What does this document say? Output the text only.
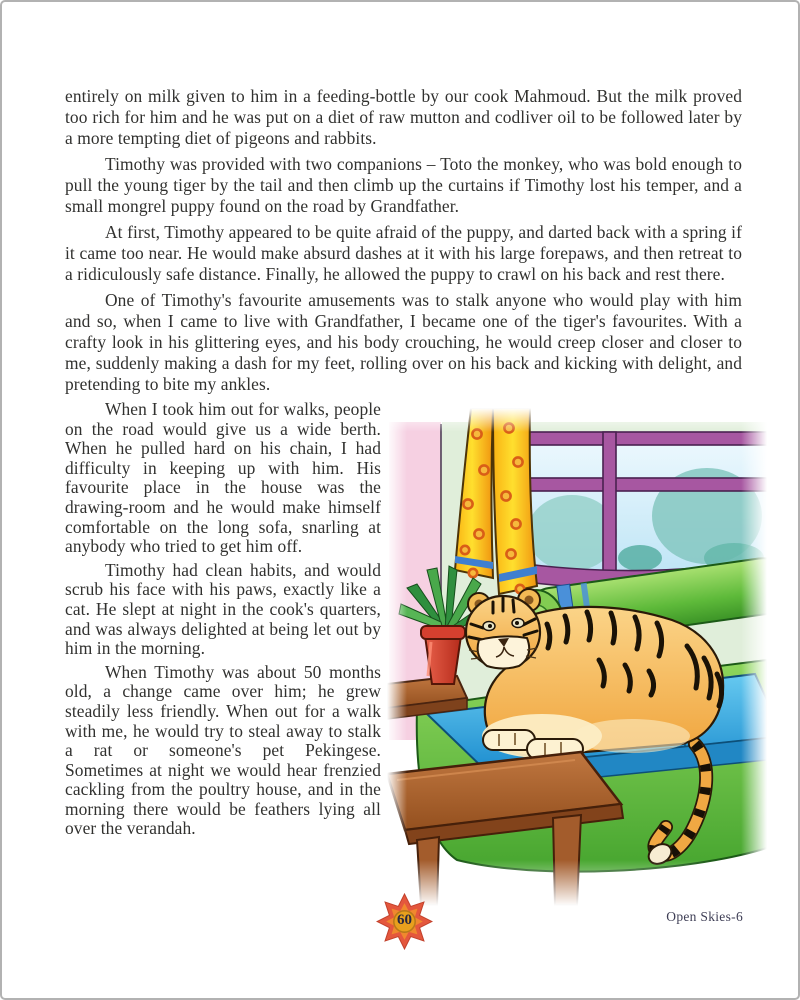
entirely on milk given to him in a feeding-bottle by our cook Mahmoud. But the milk proved too rich for him and he was put on a diet of raw mutton and codliver oil to be followed later by a more tempting diet of pigeons and rabbits.

Timothy was provided with two companions – Toto the monkey, who was bold enough to pull the young tiger by the tail and then climb up the curtains if Timothy lost his temper, and a small mongrel puppy found on the road by Grandfather.

At first, Timothy appeared to be quite afraid of the puppy, and darted back with a spring if it came too near. He would make absurd dashes at it with his large forepaws, and then retreat to a ridiculously safe distance. Finally, he allowed the puppy to crawl on his back and rest there.

One of Timothy's favourite amusements was to stalk anyone who would play with him and so, when I came to live with Grandfather, I became one of the tiger's favourites. With a crafty look in his glittering eyes, and his body crouching, he would creep closer and closer to me, suddenly making a dash for my feet, rolling over on his back and kicking with delight, and pretending to bite my ankles.

When I took him out for walks, people on the road would give us a wide berth. When he pulled hard on his chain, I had difficulty in keeping up with him. His favourite place in the house was the drawing-room and he would make himself comfortable on the long sofa, snarling at anybody who tried to get him off.

Timothy had clean habits, and would scrub his face with his paws, exactly like a cat. He slept at night in the cook's quarters, and was always delighted at being let out by him in the morning.

When Timothy was about 50 months old, a change came over him; he grew steadily less friendly. When out for a walk with me, he would try to steal away to stalk a rat or someone's pet Pekingese. Sometimes at night we would hear frenzied cackling from the poultry house, and in the morning there would be feathers lying all over the verandah.

60	Open Skies-6
